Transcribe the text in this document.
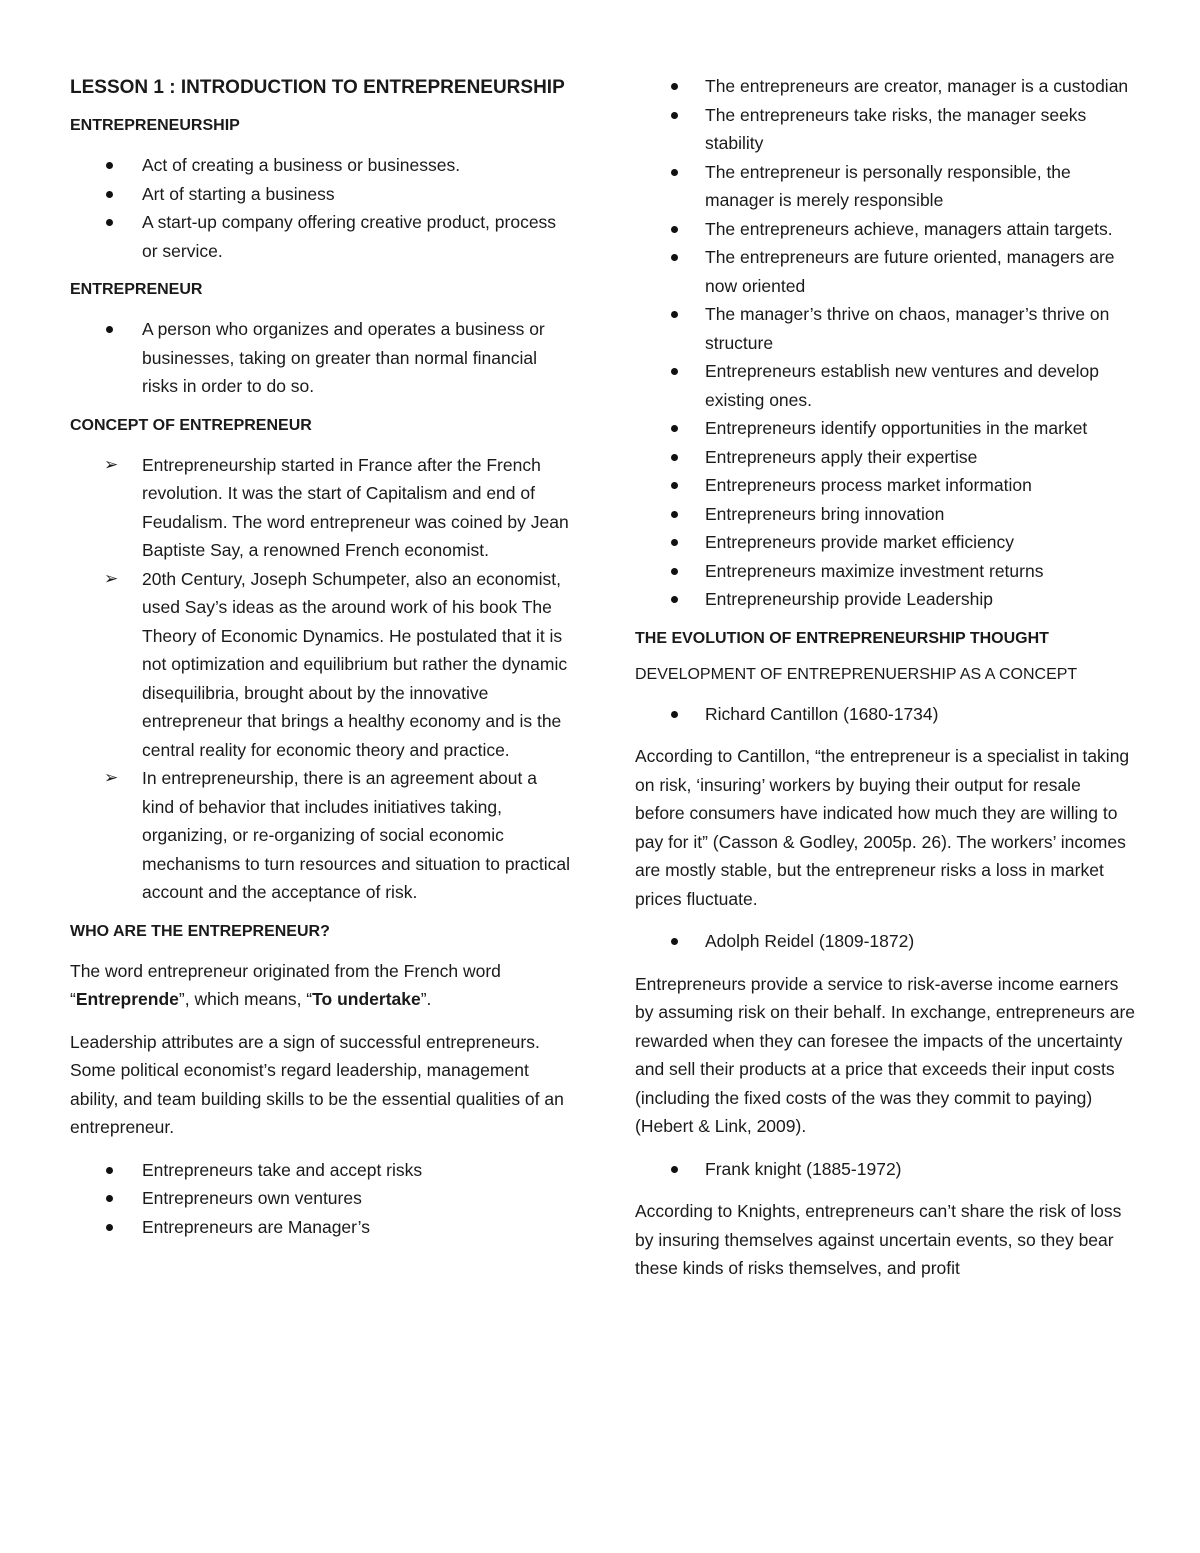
LESSON 1 : INTRODUCTION TO ENTREPRENEURSHIP
ENTREPRENEURSHIP
Act of creating a business or businesses.
Art of starting a business
A start-up company offering creative product, process or service.
ENTREPRENEUR
A person who organizes and operates a business or businesses, taking on greater than normal financial risks in order to do so.
CONCEPT OF ENTREPRENEUR
➢ Entrepreneurship started in France after the French revolution. It was the start of Capitalism and end of Feudalism. The word entrepreneur was coined by Jean Baptiste Say, a renowned French economist.
➢ 20th Century, Joseph Schumpeter, also an economist, used Say’s ideas as the around work of his book The Theory of Economic Dynamics. He postulated that it is not optimization and equilibrium but rather the dynamic disequilibria, brought about by the innovative entrepreneur that brings a healthy economy and is the central reality for economic theory and practice.
➢ In entrepreneurship, there is an agreement about a kind of behavior that includes initiatives taking, organizing, or re-organizing of social economic mechanisms to turn resources and situation to practical account and the acceptance of risk.
WHO ARE THE ENTREPRENEUR?

The word entrepreneur originated from the French word “Entreprende”, which means, “To undertake”.

Leadership attributes are a sign of successful entrepreneurs. Some political economist’s regard leadership, management ability, and team building skills to be the essential qualities of an entrepreneur.

Entrepreneurs take and accept risks
Entrepreneurs own ventures
Entrepreneurs are Manager’s
The entrepreneurs are creator, manager is a custodian
The entrepreneurs take risks, the manager seeks stability
The entrepreneur is personally responsible, the manager is merely responsible
The entrepreneurs achieve, managers attain targets.
The entrepreneurs are future oriented, managers are now oriented
The manager’s thrive on chaos, manager’s thrive on structure
Entrepreneurs establish new ventures and develop existing ones.
Entrepreneurs identify opportunities in the market
Entrepreneurs apply their expertise
Entrepreneurs process market information
Entrepreneurs bring innovation
Entrepreneurs provide market efficiency
Entrepreneurs maximize investment returns
Entrepreneurship provide Leadership
THE EVOLUTION OF ENTREPRENEURSHIP THOUGHT
DEVELOPMENT OF ENTREPRENUERSHIP AS A CONCEPT
Richard Cantillon (1680-1734)

According to Cantillon, “the entrepreneur is a specialist in taking on risk, ‘insuring’ workers by buying their output for resale before consumers have indicated how much they are willing to pay for it” (Casson & Godley, 2005p. 26). The workers’ incomes are mostly stable, but the entrepreneur risks a loss in market prices fluctuate.

Adolph Reidel (1809-1872)

Entrepreneurs provide a service to risk-averse income earners by assuming risk on their behalf. In exchange, entrepreneurs are rewarded when they can foresee the impacts of the uncertainty and sell their products at a price that exceeds their input costs (including the fixed costs of the was they commit to paying) (Hebert & Link, 2009).

Frank knight (1885-1972)

According to Knights, entrepreneurs can’t share the risk of loss by insuring themselves against uncertain events, so they bear these kinds of risks themselves, and profit
